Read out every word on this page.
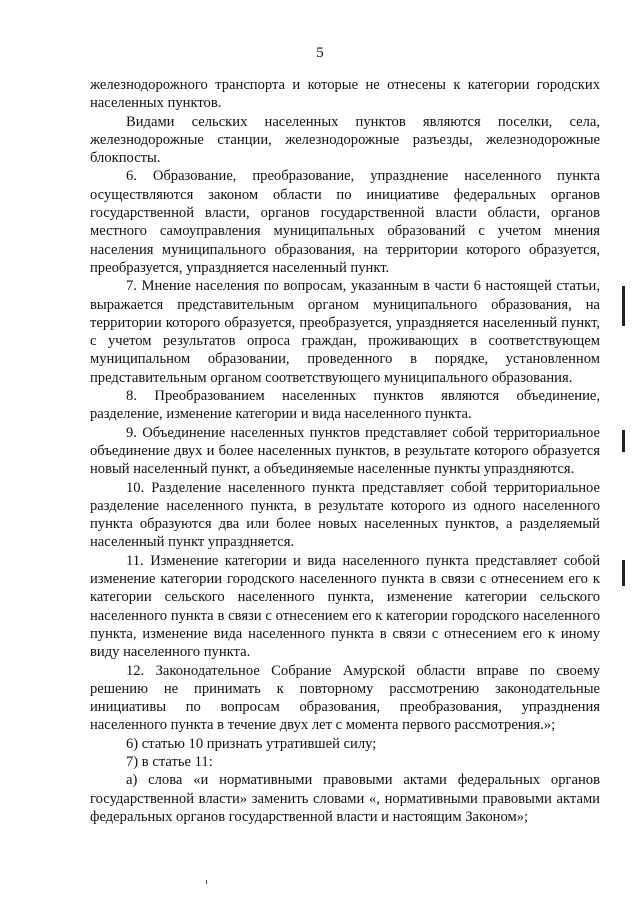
5

железнодорожного транспорта и которые не отнесены к категории городских населенных пунктов.

Видами сельских населенных пунктов являются поселки, села, железнодорожные станции, железнодорожные разъезды, железнодорожные блокпосты.

6. Образование, преобразование, упразднение населенного пункта осуществляются законом области по инициативе федеральных органов государственной власти, органов государственной власти области, органов местного самоуправления муниципальных образований с учетом мнения населения муниципального образования, на территории которого образуется, преобразуется, упраздняется населенный пункт.

7. Мнение населения по вопросам, указанным в части 6 настоящей статьи, выражается представительным органом муниципального образования, на территории которого образуется, преобразуется, упраздняется населенный пункт, с учетом результатов опроса граждан, проживающих в соответствующем муниципальном образовании, проведенного в порядке, установленном представительным органом соответствующего муниципального образования.

8. Преобразованием населенных пунктов являются объединение, разделение, изменение категории и вида населенного пункта.

9. Объединение населенных пунктов представляет собой территориальное объединение двух и более населенных пунктов, в результате которого образуется новый населенный пункт, а объединяемые населенные пункты упраздняются.

10. Разделение населенного пункта представляет собой территориальное разделение населенного пункта, в результате которого из одного населенного пункта образуются два или более новых населенных пунктов, а разделяемый населенный пункт упраздняется.

11. Изменение категории и вида населенного пункта представляет собой изменение категории городского населенного пункта в связи с отнесением его к категории сельского населенного пункта, изменение категории сельского населенного пункта в связи с отнесением его к категории городского населенного пункта, изменение вида населенного пункта в связи с отнесением его к иному виду населенного пункта.

12. Законодательное Собрание Амурской области вправе по своему решению не принимать к повторному рассмотрению законодательные инициативы по вопросам образования, преобразования, упразднения населенного пункта в течение двух лет с момента первого рассмотрения.»;

6) статью 10 признать утратившей силу;

7) в статье 11:

а) слова «и нормативными правовыми актами федеральных органов государственной власти» заменить словами «, нормативными правовыми актами федеральных органов государственной власти и настоящим Законом»;
